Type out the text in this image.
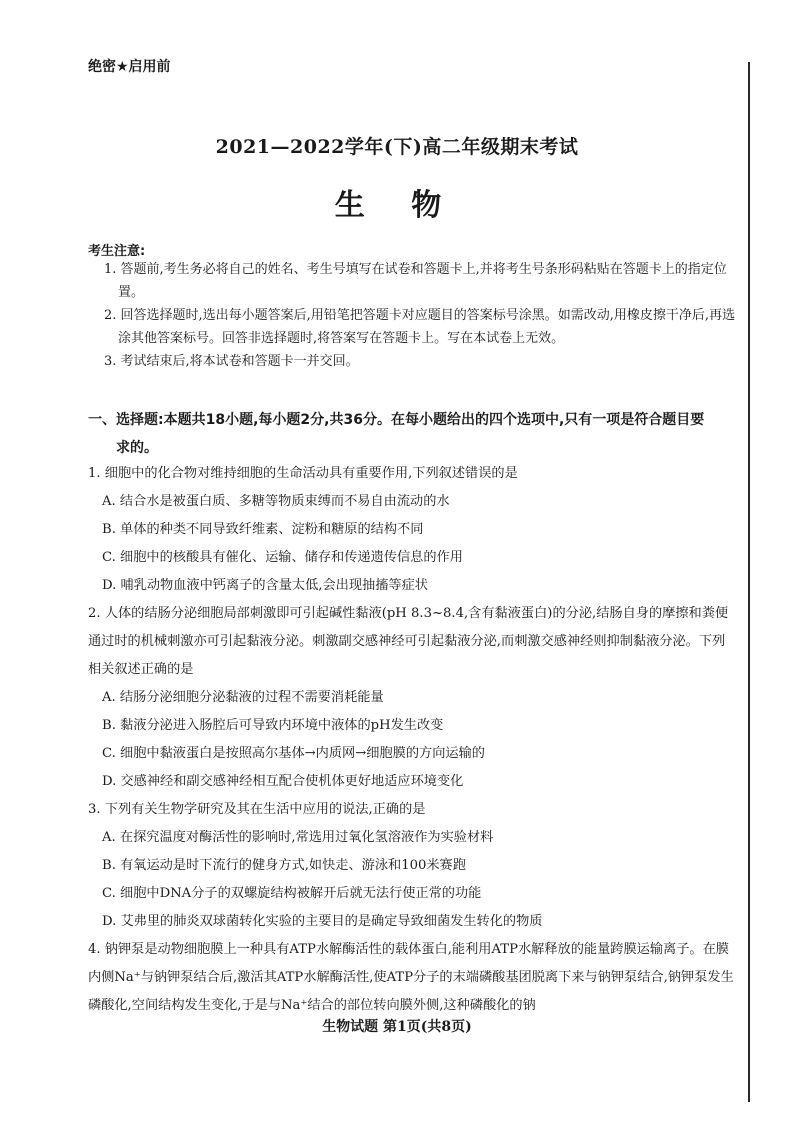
绝密★启用前
2021—2022学年(下)高二年级期末考试
生 物
考生注意:
1. 答题前,考生务必将自己的姓名、考生号填写在试卷和答题卡上,并将考生号条形码粘贴在答题卡上的指定位置。
2. 回答选择题时,选出每小题答案后,用铅笔把答题卡对应题目的答案标号涂黑。如需改动,用橡皮擦干净后,再选涂其他答案标号。回答非选择题时,将答案写在答题卡上。写在本试卷上无效。
3. 考试结束后,将本试卷和答题卡一并交回。
一、选择题:本题共18小题,每小题2分,共36分。在每小题给出的四个选项中,只有一项是符合题目要
求的。
1. 细胞中的化合物对维持细胞的生命活动具有重要作用,下列叙述错误的是
A. 结合水是被蛋白质、多糖等物质束缚而不易自由流动的水
B. 单体的种类不同导致纤维素、淀粉和糖原的结构不同
C. 细胞中的核酸具有催化、运输、储存和传递遗传信息的作用
D. 哺乳动物血液中钙离子的含量太低,会出现抽搐等症状
2. 人体的结肠分泌细胞局部刺激即可引起碱性黏液(pH 8.3~8.4,含有黏液蛋白)的分泌,结肠自身的摩擦和粪便通过时的机械刺激亦可引起黏液分泌。刺激副交感神经可引起黏液分泌,而刺激交感神经则抑制黏液分泌。下列相关叙述正确的是
A. 结肠分泌细胞分泌黏液的过程不需要消耗能量
B. 黏液分泌进入肠腔后可导致内环境中液体的pH发生改变
C. 细胞中黏液蛋白是按照高尔基体→内质网→细胞膜的方向运输的
D. 交感神经和副交感神经相互配合使机体更好地适应环境变化
3. 下列有关生物学研究及其在生活中应用的说法,正确的是
A. 在探究温度对酶活性的影响时,常选用过氧化氢溶液作为实验材料
B. 有氧运动是时下流行的健身方式,如快走、游泳和100米赛跑
C. 细胞中DNA分子的双螺旋结构被解开后就无法行使正常的功能
D. 艾弗里的肺炎双球菌转化实验的主要目的是确定导致细菌发生转化的物质
4. 钠钾泵是动物细胞膜上一种具有ATP水解酶活性的载体蛋白,能利用ATP水解释放的能量跨膜运输离子。在膜内侧Na⁺与钠钾泵结合后,激活其ATP水解酶活性,使ATP分子的末端磷酸基团脱离下来与钠钾泵结合,钠钾泵发生磷酸化,空间结构发生变化,于是与Na⁺结合的部位转向膜外侧,这种磷酸化的钠
生物试题 第1页(共8页)
